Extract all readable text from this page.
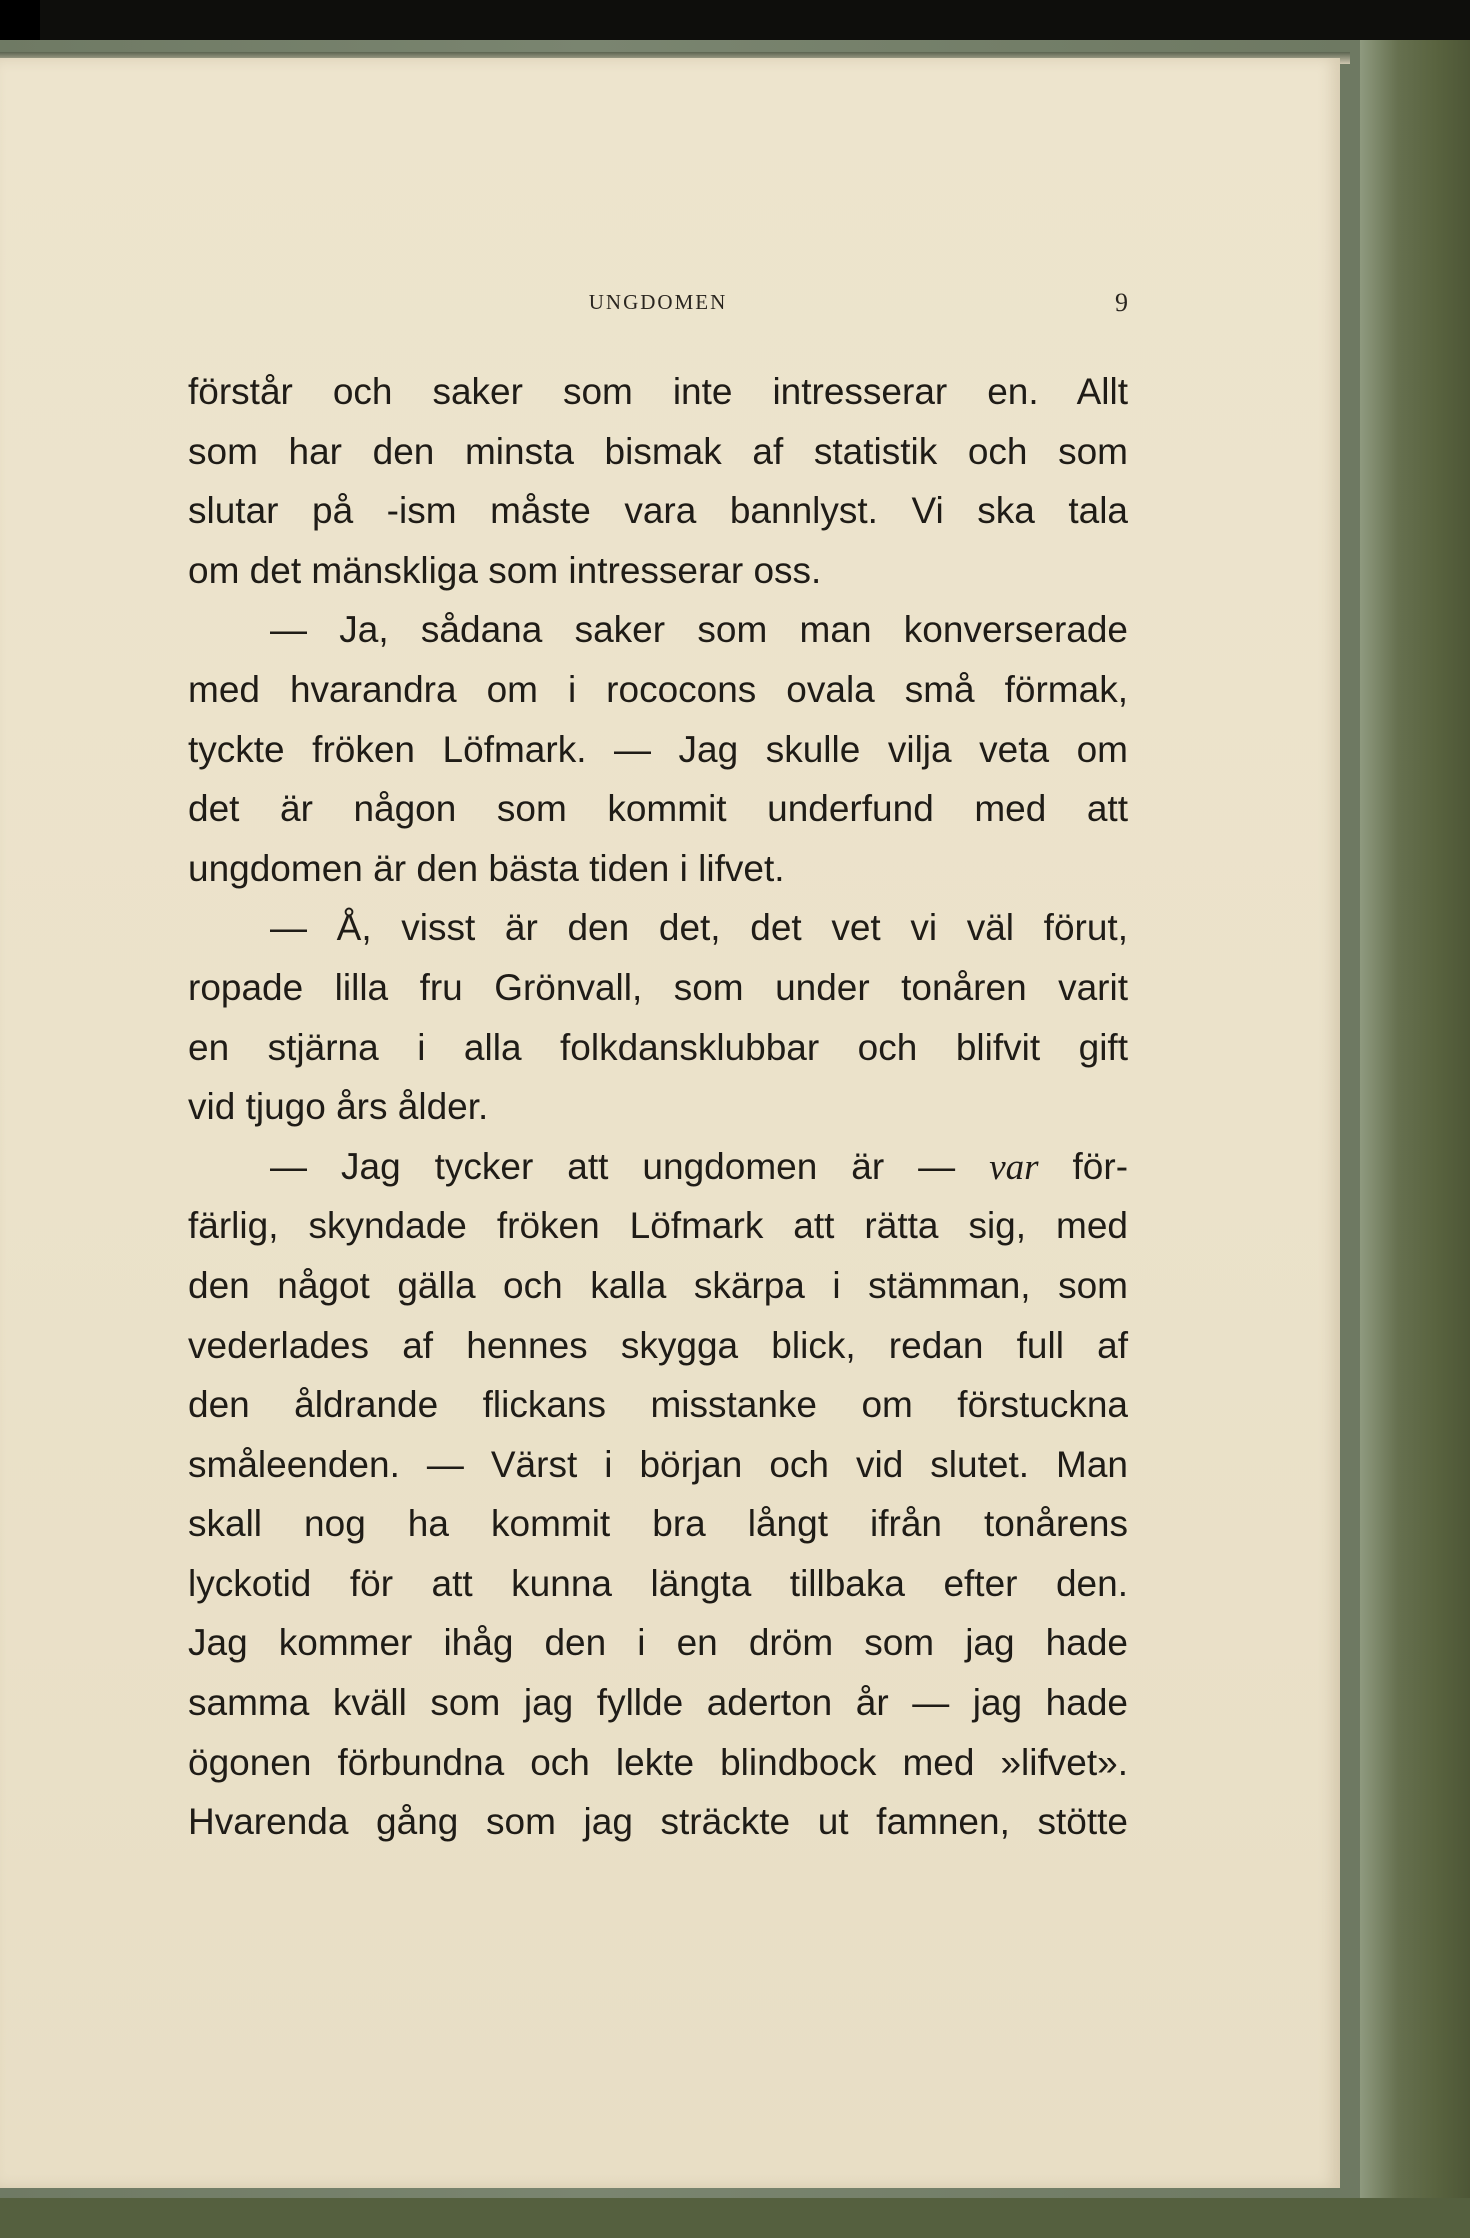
UNGDOMEN	9
förstår och saker som inte intresserar en. Allt
som har den minsta bismak af statistik och som
slutar på -ism måste vara bannlyst. Vi ska tala
om det mänskliga som intresserar oss.
— Ja, sådana saker som man konverserade
med hvarandra om i rococons ovala små förmak,
tyckte fröken Löfmark. — Jag skulle vilja veta om
det är någon som kommit underfund med att
ungdomen är den bästa tiden i lifvet.
— Å, visst är den det, det vet vi väl förut,
ropade lilla fru Grönvall, som under tonåren varit
en stjärna i alla folkdansklubbar och blifvit gift
vid tjugo års ålder.
— Jag tycker att ungdomen är — var för-
färlig, skyndade fröken Löfmark att rätta sig, med
den något gälla och kalla skärpa i stämman, som
vederlades af hennes skygga blick, redan full af
den åldrande flickans misstanke om förstuckna
småleenden. — Värst i början och vid slutet. Man
skall nog ha kommit bra långt ifrån tonårens
lyckotid för att kunna längta tillbaka efter den.
Jag kommer ihåg den i en dröm som jag hade
samma kväll som jag fyllde aderton år — jag hade
ögonen förbundna och lekte blindbock med »lifvet».
Hvarenda gång som jag sträckte ut famnen, stötte
